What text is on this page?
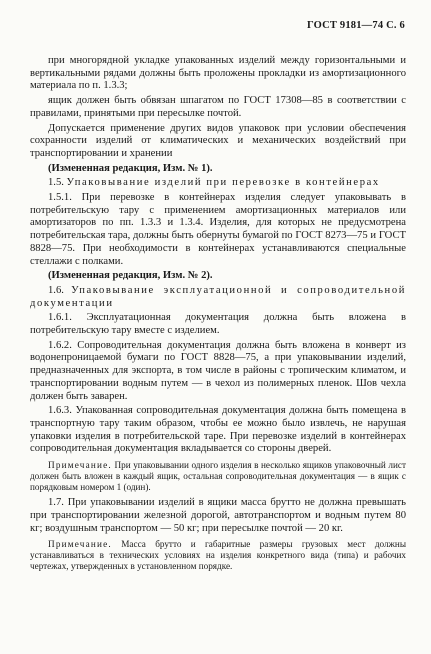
ГОСТ 9181—74 С. 6

при многорядной укладке упакованных изделий между горизонтальными и вертикальными рядами должны быть проложены прокладки из амортизационного материала по п. 1.3.3;

ящик должен быть обвязан шпагатом по ГОСТ 17308—85 в соответствии с правилами, принятыми при пересылке почтой.

Допускается применение других видов упаковок при условии обеспечения сохранности изделий от климатических и механических воздействий при транспортировании и хранении

(Измененная редакция, Изм. № 1).

1.5. Упаковывание изделий при перевозке в контейнерах

1.5.1. При перевозке в контейнерах изделия следует упаковывать в потребительскую тару с применением амортизационных материалов или амортизаторов по пп. 1.3.3 и 1.3.4. Изделия, для которых не предусмотрена потребительская тара, должны быть обернуты бумагой по ГОСТ 8273—75 и ГОСТ 8828—75. При необходимости в контейнерах устанавливаются специальные стеллажи с полками.

(Измененная редакция, Изм. № 2).

1.6. Упаковывание эксплуатационной и сопроводительной документации

1.6.1. Эксплуатационная документация должна быть вложена в потребительскую тару вместе с изделием.

1.6.2. Сопроводительная документация должна быть вложена в конверт из водонепроницаемой бумаги по ГОСТ 8828—75, а при упаковывании изделий, предназначенных для экспорта, в том числе в районы с тропическим климатом, и транспортировании водным путем — в чехол из полимерных пленок. Шов чехла должен быть заварен.

1.6.3. Упакованная сопроводительная документация должна быть помещена в транспортную тару таким образом, чтобы ее можно было извлечь, не нарушая упаковки изделия в потребительской таре. При перевозке изделий в контейнерах сопроводительная документация вкладывается со стороны дверей.

Примечание. При упаковывании одного изделия в несколько ящиков упаковочный лист должен быть вложен в каждый ящик, остальная сопроводительная документация — в ящик с порядковым номером 1 (один).

1.7. При упаковывании изделий в ящики масса брутто не должна превышать при транспортировании железной дорогой, автотранспортом и водным путем 80 кг; воздушным транспортом — 50 кг; при пересылке почтой — 20 кг.

Примечание. Масса брутто и габаритные размеры грузовых мест должны устанавливаться в технических условиях на изделия конкретного вида (типа) и рабочих чертежах, утвержденных в установленном порядке.
